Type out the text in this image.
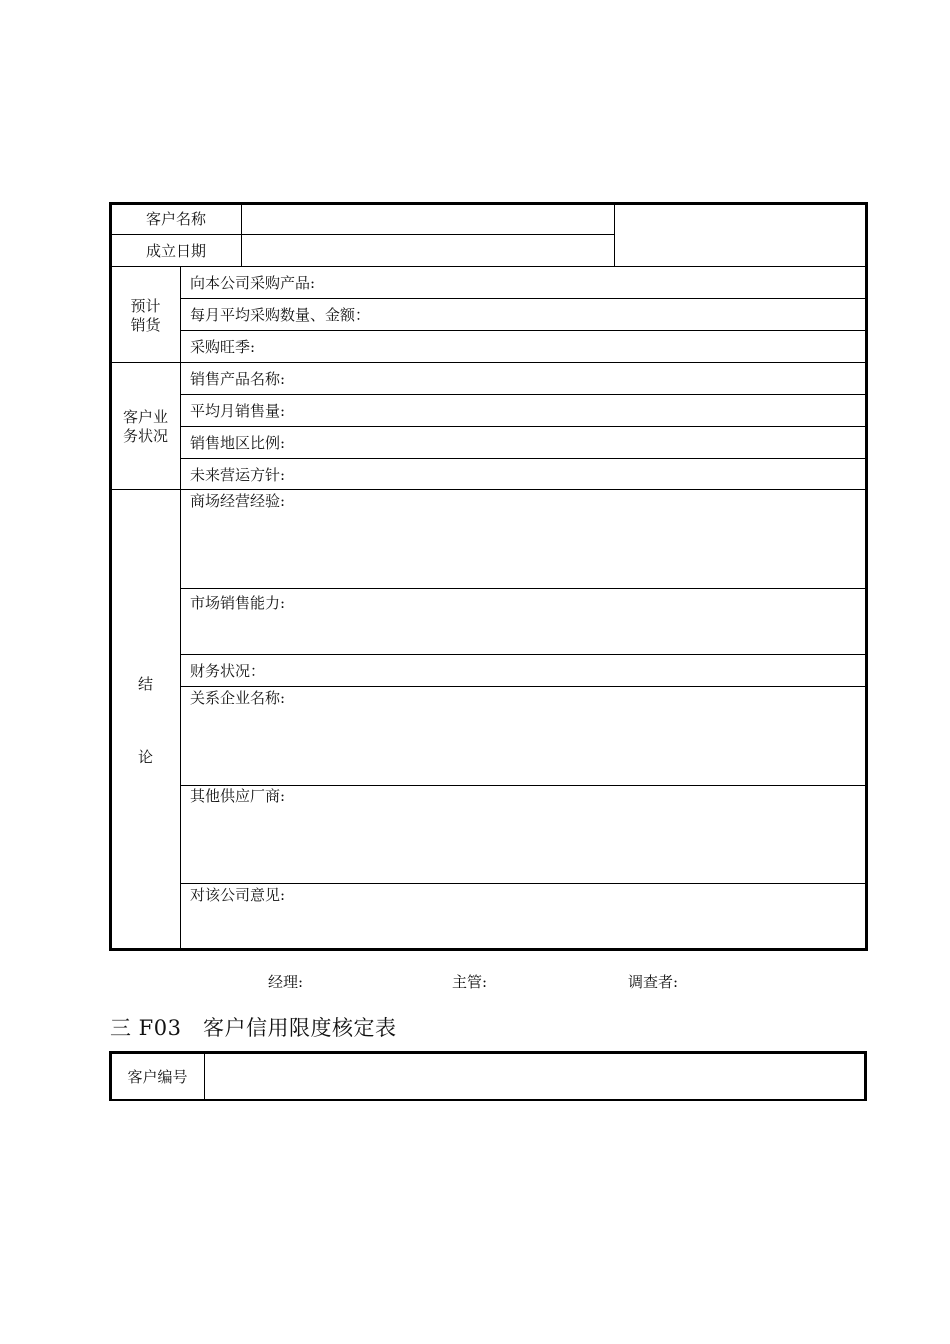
客户名称
成立日期
预计
销货
向本公司采购产品:
每月平均采购数量、金额：
采购旺季:
客户业
务状况
销售产品名称:
平均月销售量:
销售地区比例:
未来营运方针:
结
论
商场经营经验:
市场销售能力:
财务状况：
关系企业名称:
其他供应厂商:
对该公司意见:
经理:	主管:	调查者:
三 F03　客户信用限度核定表
客户编号
